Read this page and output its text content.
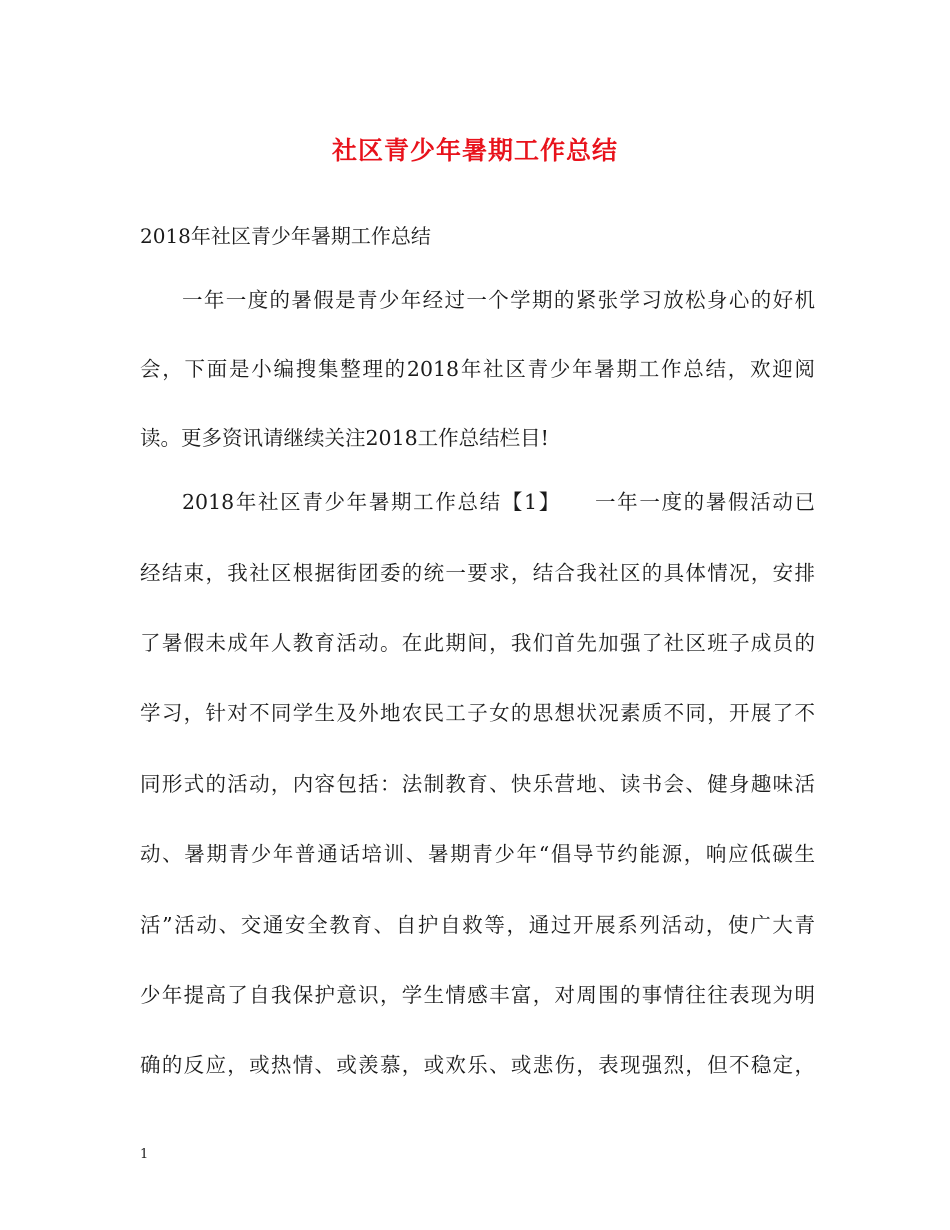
社区青少年暑期工作总结
2018年社区青少年暑期工作总结
一年一度的暑假是青少年经过一个学期的紧张学习放松身心的好机
会，下面是小编搜集整理的2018年社区青少年暑期工作总结，欢迎阅
读。更多资讯请继续关注2018工作总结栏目!
2018年社区青少年暑期工作总结【1】　　一年一度的暑假活动已
经结束，我社区根据街团委的统一要求，结合我社区的具体情况，安排
了暑假未成年人教育活动。在此期间，我们首先加强了社区班子成员的
学习，针对不同学生及外地农民工子女的思想状况素质不同，开展了不
同形式的活动，内容包括：法制教育、快乐营地、读书会、健身趣味活
动、暑期青少年普通话培训、暑期青少年“倡导节约能源，响应低碳生
活”活动、交通安全教育、自护自救等，通过开展系列活动，使广大青
少年提高了自我保护意识，学生情感丰富，对周围的事情往往表现为明
确的反应，或热情、或羡慕，或欢乐、或悲伤，表现强烈，但不稳定，
1
